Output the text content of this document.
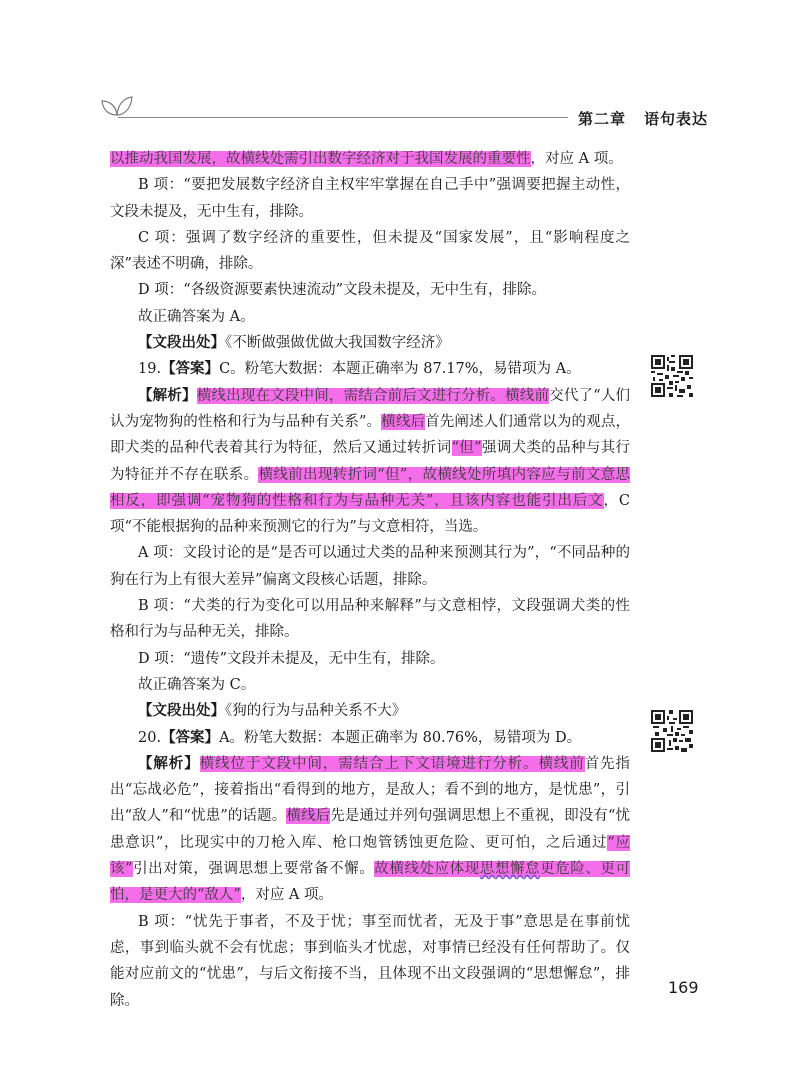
第二章 语句表达

以推动我国发展，故横线处需引出数字经济对于我国发展的重要性，对应 A 项。

B 项：“要把发展数字经济自主权牢牢掌握在自己手中”强调要把握主动性，文段未提及，无中生有，排除。

C 项：强调了数字经济的重要性，但未提及“国家发展”，且“影响程度之深”表述不明确，排除。

D 项：“各级资源要素快速流动”文段未提及，无中生有，排除。

故正确答案为 A。

【文段出处】《不断做强做优做大我国数字经济》

19.【答案】C。粉笔大数据：本题正确率为 87.17%，易错项为 A。

【解析】横线出现在文段中间，需结合前后文进行分析。横线前交代了“人们认为宠物狗的性格和行为与品种有关系”。横线后首先阐述人们通常以为的观点，即犬类的品种代表着其行为特征，然后又通过转折词“但”强调犬类的品种与其行为特征并不存在联系。横线前出现转折词“但”，故横线处所填内容应与前文意思相反，即强调“宠物狗的性格和行为与品种无关”，且该内容也能引出后文，C 项“不能根据狗的品种来预测它的行为”与文意相符，当选。

A 项：文段讨论的是“是否可以通过犬类的品种来预测其行为”，“不同品种的狗在行为上有很大差异”偏离文段核心话题，排除。

B 项：“犬类的行为变化可以用品种来解释”与文意相悖，文段强调犬类的性格和行为与品种无关，排除。

D 项：“遗传”文段并未提及，无中生有，排除。

故正确答案为 C。

【文段出处】《狗的行为与品种关系不大》

20.【答案】A。粉笔大数据：本题正确率为 80.76%，易错项为 D。

【解析】横线位于文段中间，需结合上下文语境进行分析。横线前首先指出“忘战必危”，接着指出“看得到的地方，是敌人；看不到的地方，是忧患”，引出“敌人”和“忧患”的话题。横线后先是通过并列句强调思想上不重视，即没有“忧患意识”，比现实中的刀枪入库、枪口炮管锈蚀更危险、更可怕，之后通过“应该”引出对策，强调思想上要常备不懈。故横线处应体现思想懈怠更危险、更可怕，是更大的“敌人”，对应 A 项。

B 项：“忧先于事者，不及于忧；事至而忧者，无及于事”意思是在事前忧虑，事到临头就不会有忧虑；事到临头才忧虑，对事情已经没有任何帮助了。仅能对应前文的“忧患”，与后文衔接不当，且体现不出文段强调的“思想懈怠”，排除。

169
